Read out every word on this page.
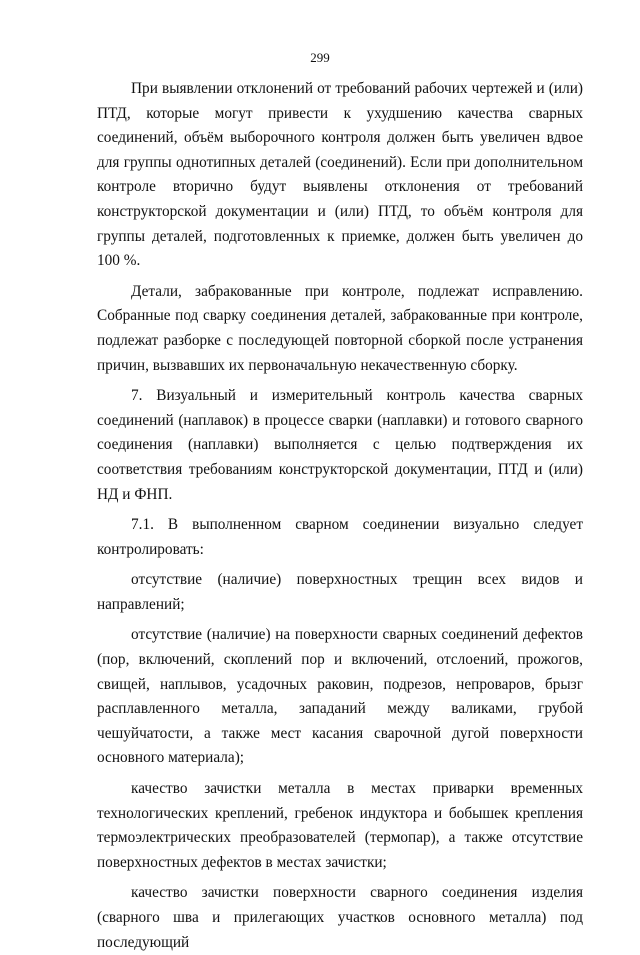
299

При выявлении отклонений от требований рабочих чертежей и (или) ПТД, которые могут привести к ухудшению качества сварных соединений, объём выборочного контроля должен быть увеличен вдвое для группы однотипных деталей (соединений). Если при дополнительном контроле вторично будут выявлены отклонения от требований конструкторской документации и (или) ПТД, то объём контроля для группы деталей, подготовленных к приемке, должен быть увеличен до 100 %.

Детали, забракованные при контроле, подлежат исправлению. Собранные под сварку соединения деталей, забракованные при контроле, подлежат разборке с последующей повторной сборкой после устранения причин, вызвавших их первоначальную некачественную сборку.

7. Визуальный и измерительный контроль качества сварных соединений (наплавок) в процессе сварки (наплавки) и готового сварного соединения (наплавки) выполняется с целью подтверждения их соответствия требованиям конструкторской документации, ПТД и (или) НД и ФНП.

7.1. В выполненном сварном соединении визуально следует контролировать:

отсутствие (наличие) поверхностных трещин всех видов и направлений;

отсутствие (наличие) на поверхности сварных соединений дефектов (пор, включений, скоплений пор и включений, отслоений, прожогов, свищей, наплывов, усадочных раковин, подрезов, непроваров, брызг расплавленного металла, западаний между валиками, грубой чешуйчатости, а также мест касания сварочной дугой поверхности основного материала);

качество зачистки металла в местах приварки временных технологических креплений, гребенок индуктора и бобышек крепления термоэлектрических преобразователей (термопар), а также отсутствие поверхностных дефектов в местах зачистки;

качество зачистки поверхности сварного соединения изделия (сварного шва и прилегающих участков основного металла) под последующий
